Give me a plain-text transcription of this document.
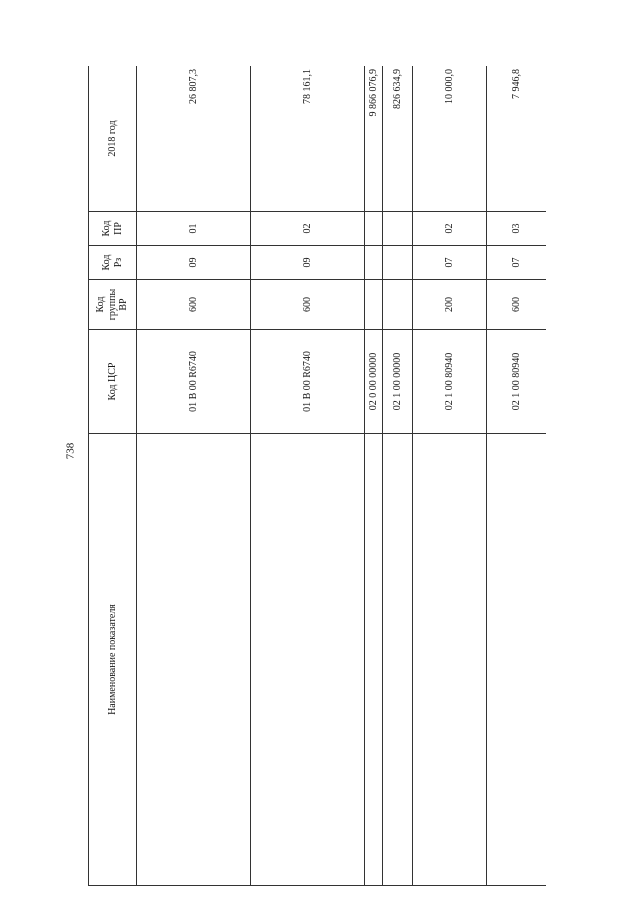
738
Наименование показателя	Код ЦСР	Код группы ВР	Код Рз	Код ПР	2018 год
	01 В 00 R6740	600	09	01	26 807,3
	01 В 00 R6740	600	09	02	78 161,1
	02 0 00 00000				9 866 076,9
	02 1 00 00000				826 634,9
	02 1 00 80940	200	07	02	10 000,0
	02 1 00 80940	600	07	03	7 946,8
